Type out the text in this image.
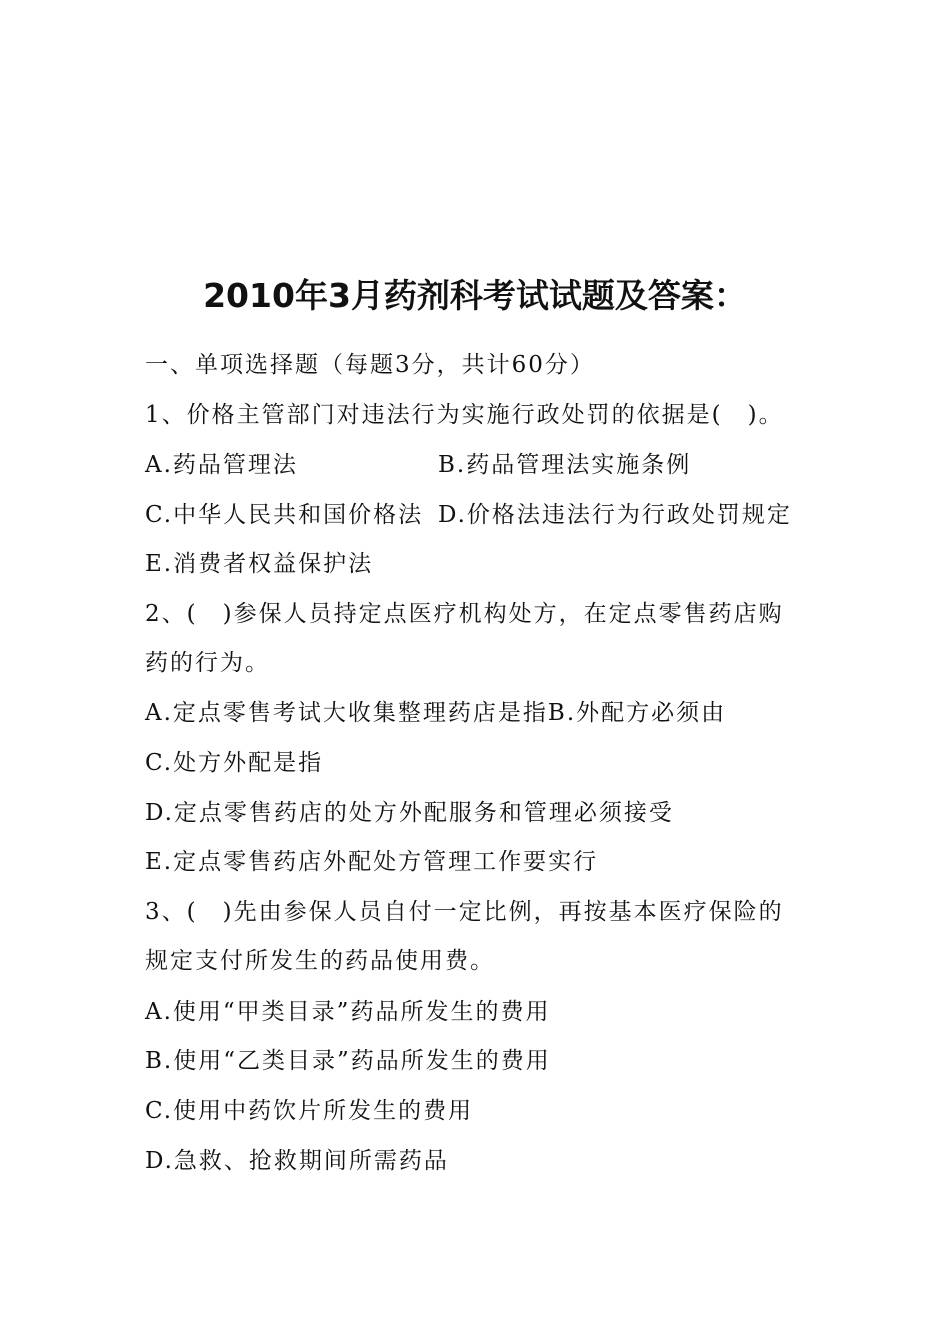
2010年3月药剂科考试试题及答案：
一、单项选择题（每题3分，共计60分）
1、价格主管部门对违法行为实施行政处罚的依据是(　)。
A.药品管理法	B.药品管理法实施条例
C.中华人民共和国价格法 D.价格法违法行为行政处罚规定
E.消费者权益保护法
2、(　)参保人员持定点医疗机构处方，在定点零售药店购
药的行为。
A.定点零售考试大收集整理药店是指B.外配方必须由
C.处方外配是指
D.定点零售药店的处方外配服务和管理必须接受
E.定点零售药店外配处方管理工作要实行
3、(　)先由参保人员自付一定比例，再按基本医疗保险的
规定支付所发生的药品使用费。
A.使用“甲类目录”药品所发生的费用
B.使用“乙类目录”药品所发生的费用
C.使用中药饮片所发生的费用
D.急救、抢救期间所需药品
